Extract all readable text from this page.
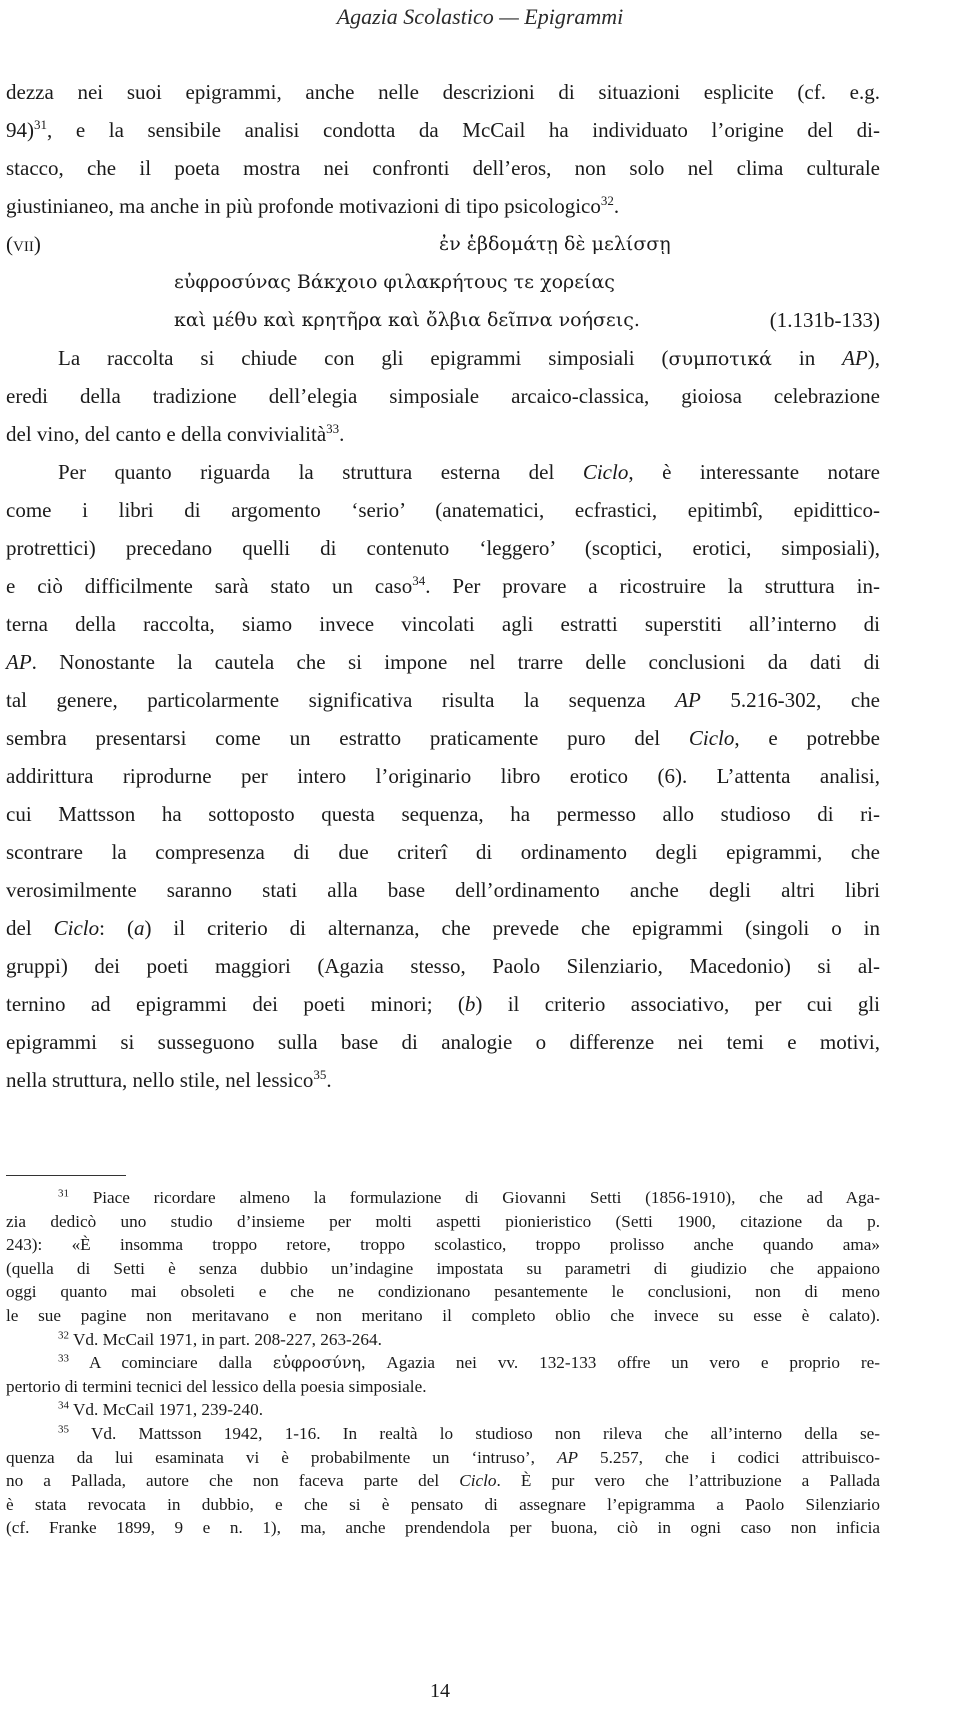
Agazia Scolastico — Epigrammi
dezza nei suoi epigrammi, anche nelle descrizioni di situazioni esplicite (cf. e.g.
94)$^{31}$, e la sensibile analisi condotta da McCail ha individuato l’origine del di-
stacco, che il poeta mostra nei confronti dell’eros, non solo nel clima culturale
giustinianeo, ma anche in più profonde motivazioni di tipo psicologico$^{32}$.
(vii)	ἐν ἑβδομάτῃ δὲ μελίσσῃ
εὐφροσύνας Βάκχοιο φιλακρήτους τε χορείας
καὶ μέθυ καὶ κρητῆρα καὶ ὄλβια δεῖπνα νοήσεις.	(1.131b-133)
La raccolta si chiude con gli epigrammi simposiali (συμποτικά in AP),
eredi della tradizione dell’elegia simposiale arcaico-classica, gioiosa celebrazione
del vino, del canto e della convivialità$^{33}$.
Per quanto riguarda la struttura esterna del Ciclo, è interessante notare
come i libri di argomento ‘serio’ (anatematici, ecfrastici, epitimbî, epidittico-
protrettici) precedano quelli di contenuto ‘leggero’ (scoptici, erotici, simposiali),
e ciò difficilmente sarà stato un caso$^{34}$. Per provare a ricostruire la struttura in-
terna della raccolta, siamo invece vincolati agli estratti superstiti all’interno di
AP. Nonostante la cautela che si impone nel trarre delle conclusioni da dati di
tal genere, particolarmente significativa risulta la sequenza AP 5.216-302, che
sembra presentarsi come un estratto praticamente puro del Ciclo, e potrebbe
addirittura riprodurne per intero l’originario libro erotico (6). L’attenta analisi,
cui Mattsson ha sottoposto questa sequenza, ha permesso allo studioso di ri-
scontrare la compresenza di due criterî di ordinamento degli epigrammi, che
verosimilmente saranno stati alla base dell’ordinamento anche degli altri libri
del Ciclo: (a) il criterio di alternanza, che prevede che epigrammi (singoli o in
gruppi) dei poeti maggiori (Agazia stesso, Paolo Silenziario, Macedonio) si al-
ternino ad epigrammi dei poeti minori; (b) il criterio associativo, per cui gli
epigrammi si susseguono sulla base di analogie o differenze nei temi e motivi,
nella struttura, nello stile, nel lessico$^{35}$.
$^{31}$ Piace ricordare almeno la formulazione di Giovanni Setti (1856-1910), che ad Aga-
zia dedicò uno studio d’insieme per molti aspetti pionieristico (Setti 1900, citazione da p.
243): «È insomma troppo retore, troppo scolastico, troppo prolisso anche quando ama»
(quella di Setti è senza dubbio un’indagine impostata su parametri di giudizio che appaiono
oggi quanto mai obsoleti e che ne condizionano pesantemente le conclusioni, non di meno
le sue pagine non meritavano e non meritano il completo oblio che invece su esse è calato).
$^{32}$ Vd. McCail 1971, in part. 208-227, 263-264.
$^{33}$ A cominciare dalla εὐφροσύνη, Agazia nei vv. 132-133 offre un vero e proprio re-
pertorio di termini tecnici del lessico della poesia simposiale.
$^{34}$ Vd. McCail 1971, 239-240.
$^{35}$ Vd. Mattsson 1942, 1-16. In realtà lo studioso non rileva che all’interno della se-
quenza da lui esaminata vi è probabilmente un ‘intruso’, AP 5.257, che i codici attribuisco-
no a Pallada, autore che non faceva parte del Ciclo. È pur vero che l’attribuzione a Pallada
è stata revocata in dubbio, e che si è pensato di assegnare l’epigramma a Paolo Silenziario
(cf. Franke 1899, 9 e n. 1), ma, anche prendendola per buona, ciò in ogni caso non inficia
14
